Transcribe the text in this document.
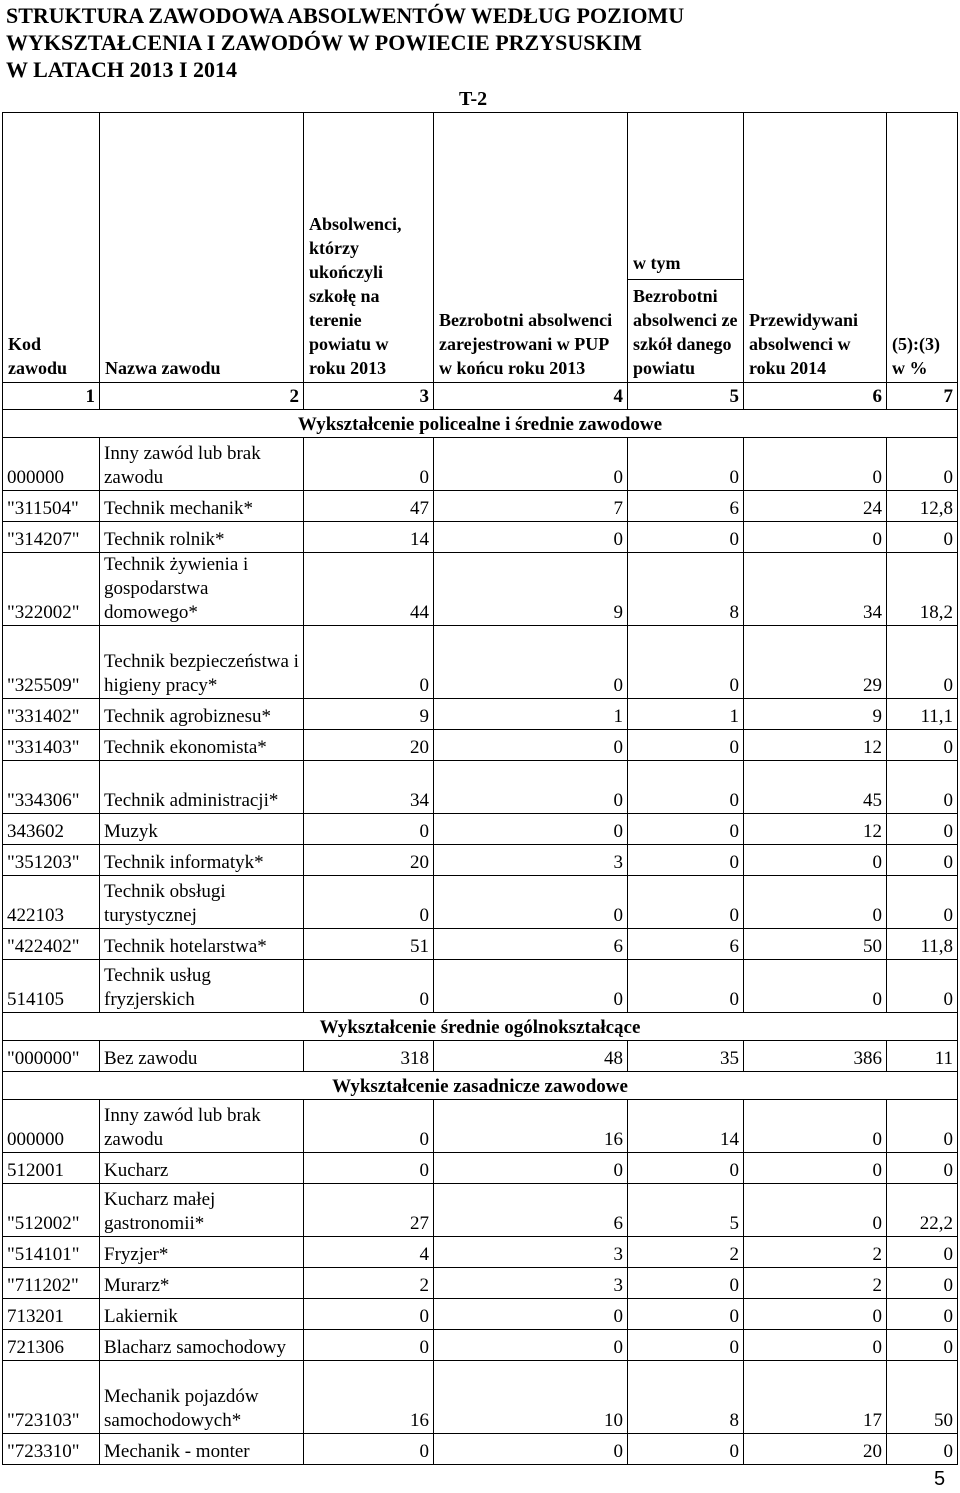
STRUKTURA ZAWODOWA ABSOLWENTÓW WEDŁUG POZIOMU
WYKSZTAŁCENIA I ZAWODÓW W POWIECIE PRZYSUSKIM
W LATACH 2013 I 2014
T-2
Kod zawodu	Nazwa zawodu	Absolwenci, którzy ukończyli szkołę na terenie powiatu w roku 2013	Bezrobotni absolwenci zarejestrowani w PUP w końcu roku 2013	w tym
Bezrobotni absolwenci ze szkół danego powiatu	Przewidywani absolwenci w roku 2014	(5):(3) w %
1	2	3	4	5	6	7
Wykształcenie policealne i średnie zawodowe						
000000	Inny zawód lub brak zawodu	0	0	0	0	0
"311504"	Technik mechanik*	47	7	6	24	12,8
"314207"	Technik rolnik*	14	0	0	0	0
"322002"	Technik żywienia i gospodarstwa domowego*	44	9	8	34	18,2
"325509"	Technik bezpieczeństwa i higieny pracy*	0	0	0	29	0
"331402"	Technik agrobiznesu*	9	1	1	9	11,1
"331403"	Technik ekonomista*	20	0	0	12	0
"334306"	Technik administracji*	34	0	0	45	0
343602	Muzyk	0	0	0	12	0
"351203"	Technik informatyk*	20	3	0	0	0
422103	Technik obsługi turystycznej	0	0	0	0	0
"422402"	Technik hotelarstwa*	51	6	6	50	11,8
514105	Technik usług fryzjerskich	0	0	0	0	0
Wykształcenie średnie ogólnokształcące						
"000000"	Bez zawodu	318	48	35	386	11
Wykształcenie zasadnicze zawodowe						
000000	Inny zawód lub brak zawodu	0	16	14	0	0
512001	Kucharz	0	0	0	0	0
"512002"	Kucharz małej gastronomii*	27	6	5	0	22,2
"514101"	Fryzjer*	4	3	2	2	0
"711202"	Murarz*	2	3	0	2	0
713201	Lakiernik	0	0	0	0	0
721306	Blacharz samochodowy	0	0	0	0	0
"723103"	Mechanik pojazdów samochodowych*	16	10	8	17	50
"723310"	Mechanik - monter	0	0	0	20	0
5
